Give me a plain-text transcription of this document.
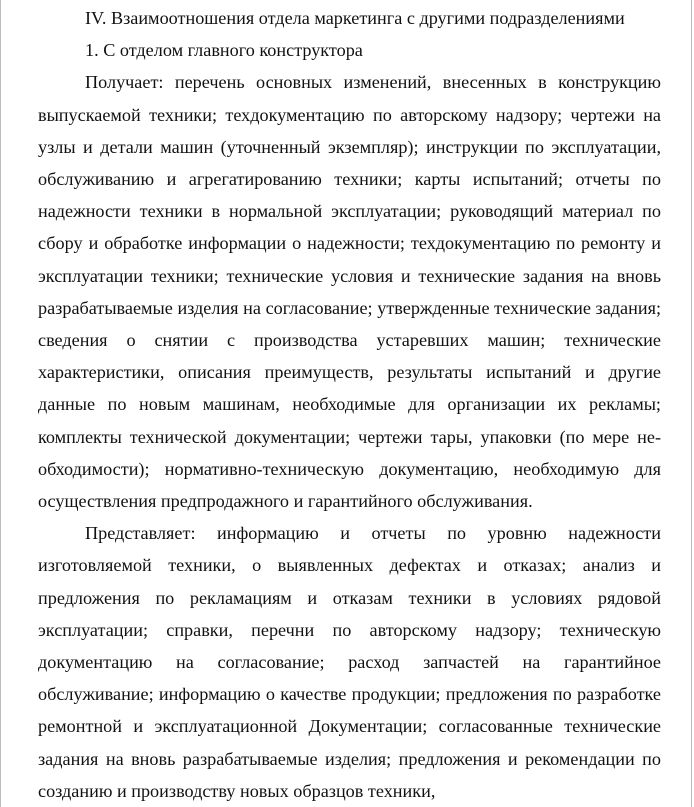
IV. Взаимоотношения отдела маркетинга с другими подразделениями

1. С отделом главного конструктора

Получает: перечень основных изменений, внесенных в конструкцию выпускаемой техники; техдокументацию по авторскому надзору; чертежи на узлы и детали машин (уточненный экземпляр); инструкции по эксплуатации, обслуживанию и агрегатированию техники; карты испытаний; отчеты по надежности техники в нормальной эксплуатации; руководящий материал по сбору и обработке информации о надежности; техдокументацию по ремонту и эксплуатации техники; технические условия и технические задания на вновь разрабатываемые изделия на согласование; утвержденные технические задания; сведения о снятии с производства устаревших машин; технические характеристики, описания преимуществ, результаты испытаний и другие данные по новым машинам, необходимые для организации их рекламы; комплекты технической документации; чертежи тары, упаковки (по мере необходимости); нормативно-техническую документацию, необходимую для осуществления предпродажного и гарантийного обслуживания.

Представляет: информацию и отчеты по уровню надежности изготовляемой техники, о выявленных дефектах и отказах; анализ и предложения по рекламациям и отказам техники в условиях рядовой эксплуатации; справки, перечни по авторскому надзору; техническую документацию на согласование; расход запчастей на гарантийное обслуживание; информацию о качестве продукции; предложения по разработке ремонтной и эксплуатационной Документации; согласованные технические задания на вновь разрабатываемые изделия; предложения и рекомендации по созданию и производству новых образцов техники,
